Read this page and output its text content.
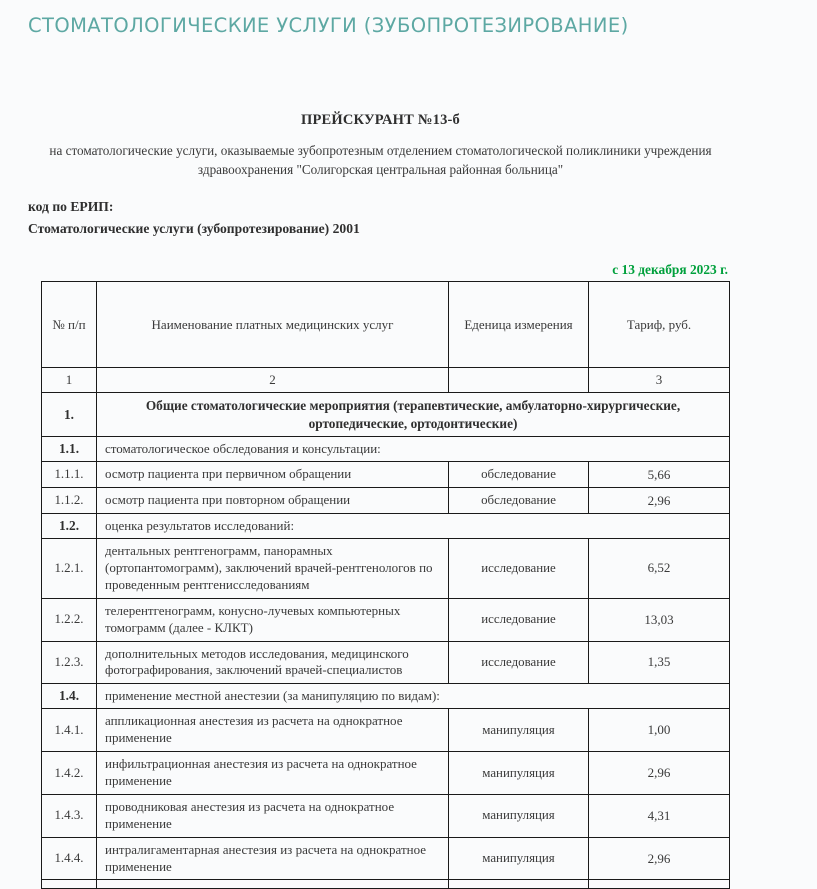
СТОМАТОЛОГИЧЕСКИЕ УСЛУГИ (ЗУБОПРОТЕЗИРОВАНИЕ)
ПРЕЙСКУРАНТ №13-б
на стоматологические услуги, оказываемые зубопротезным отделением стоматологической поликлиники учреждения здравоохранения "Солигорская центральная районная больница"
код по ЕРИП:
Стоматологические услуги (зубопротезирование) 2001
с 13 декабря 2023 г.
№ п/п	Наименование платных медицинских услуг	Еденица измерения	Тариф, руб.
1	2		3
1.	Общие стоматологические мероприятия (терапевтические, амбулаторно-хирургические, ортопедические, ортодонтические)		
1.1.	стоматологическое обследования и консультации:		
1.1.1.	осмотр пациента при первичном обращении	обследование	5,66
1.1.2.	осмотр пациента при повторном обращении	обследование	2,96
1.2.	оценка результатов исследований:		
1.2.1.	дентальных рентгенограмм, панорамных (ортопантомограмм), заключений врачей-рентгенологов по проведенным рентгенисследованиям	исследование	6,52
1.2.2.	телерентгенограмм, конусно-лучевых компьютерных томограмм (далее - КЛКТ)	исследование	13,03
1.2.3.	дополнительных методов исследования, медицинского фотографирования, заключений врачей-специалистов	исследование	1,35
1.4.	применение местной анестезии (за манипуляцию по видам):		
1.4.1.	аппликационная анестезия из расчета на однократное применение	манипуляция	1,00
1.4.2.	инфильтрационная анестезия из расчета на однократное применение	манипуляция	2,96
1.4.3.	проводниковая анестезия из расчета на однократное применение	манипуляция	4,31
1.4.4.	интралигаментарная анестезия из расчета на однократное применение	манипуляция	2,96
